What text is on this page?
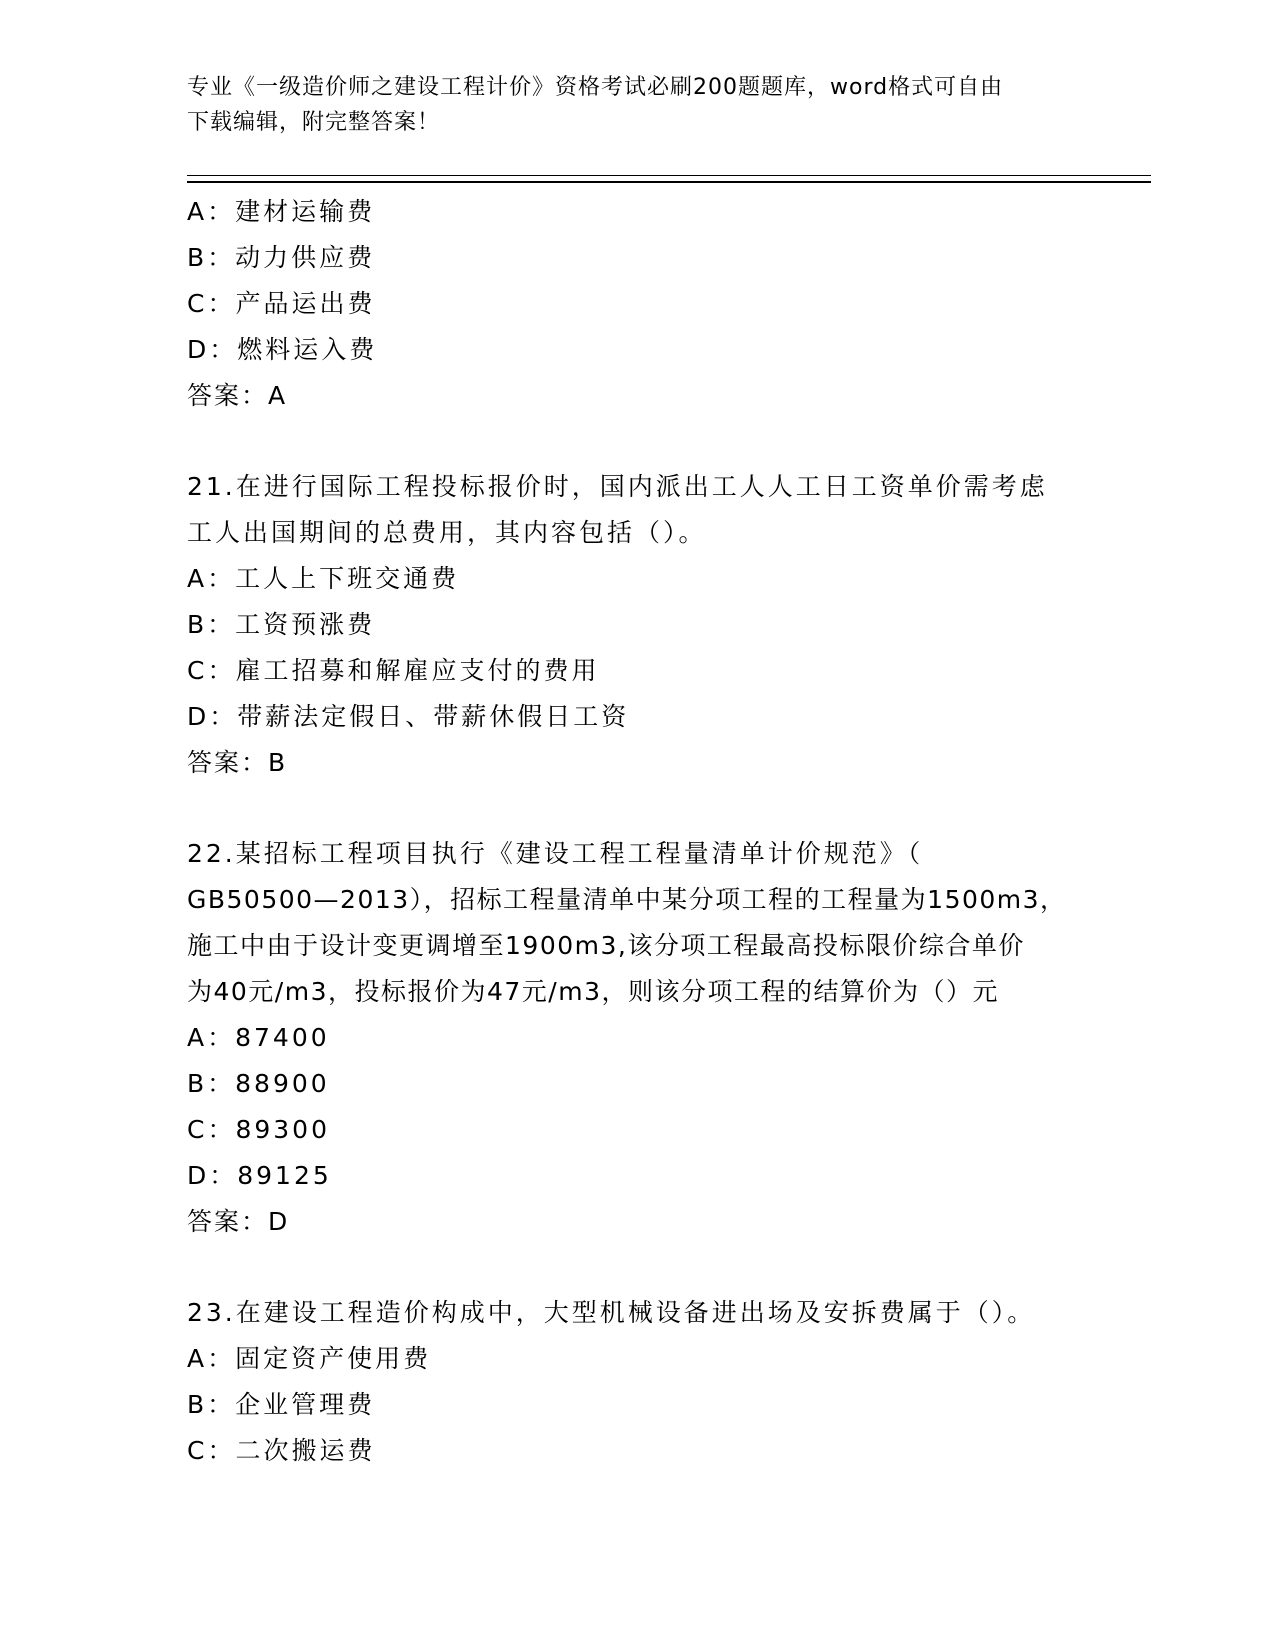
专业《一级造价师之建设工程计价》资格考试必刷200题题库，word格式可自由
下载编辑，附完整答案！
A：建材运输费
B：动力供应费
C：产品运出费
D：燃料运入费
答案：A
21.在进行国际工程投标报价时，国内派出工人人工日工资单价需考虑
工人出国期间的总费用，其内容包括（）。
A：工人上下班交通费
B：工资预涨费
C：雇工招募和解雇应支付的费用
D：带薪法定假日、带薪休假日工资
答案：B
22.某招标工程项目执行《建设工程工程量清单计价规范》（
GB50500—2013），招标工程量清单中某分项工程的工程量为1500m3，
施工中由于设计变更调增至1900m3,该分项工程最高投标限价综合单价
为40元/m3，投标报价为47元/m3，则该分项工程的结算价为（）元
A：87400
B：88900
C：89300
D：89125
答案：D
23.在建设工程造价构成中，大型机械设备进出场及安拆费属于（）。
A：固定资产使用费
B：企业管理费
C：二次搬运费
